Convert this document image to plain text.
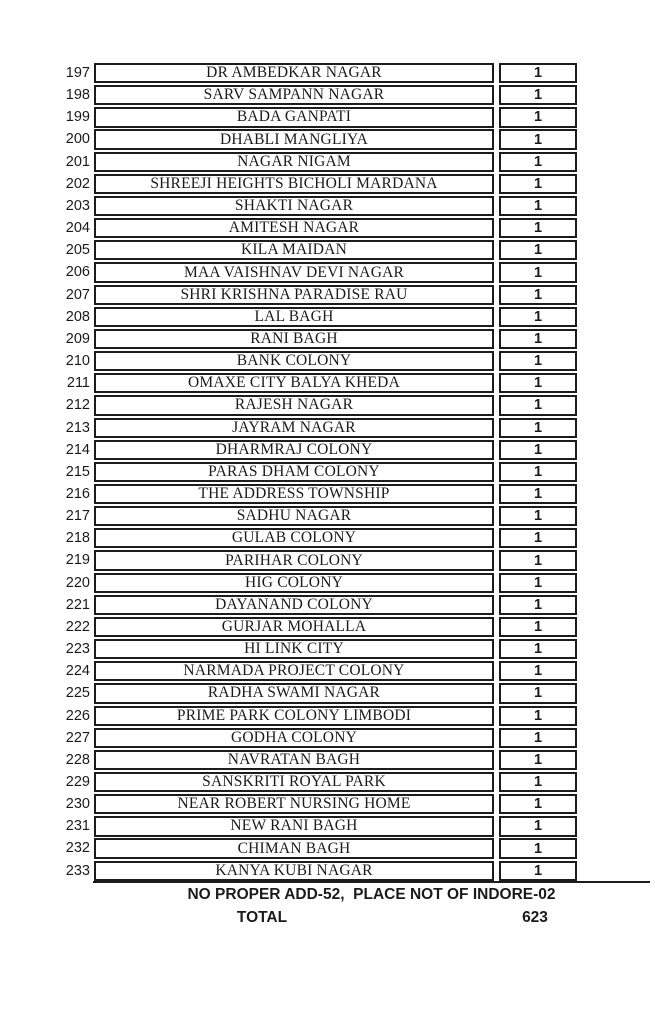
197	DR AMBEDKAR NAGAR	1
198	SARV SAMPANN NAGAR	1
199	BADA GANPATI	1
200	DHABLI MANGLIYA	1
201	NAGAR NIGAM	1
202	SHREEJI HEIGHTS BICHOLI MARDANA	1
203	SHAKTI NAGAR	1
204	AMITESH NAGAR	1
205	KILA MAIDAN	1
206	MAA VAISHNAV DEVI NAGAR	1
207	SHRI KRISHNA PARADISE RAU	1
208	LAL BAGH	1
209	RANI BAGH	1
210	BANK COLONY	1
211	OMAXE CITY BALYA KHEDA	1
212	RAJESH NAGAR	1
213	JAYRAM NAGAR	1
214	DHARMRAJ COLONY	1
215	PARAS DHAM COLONY	1
216	THE ADDRESS TOWNSHIP	1
217	SADHU NAGAR	1
218	GULAB COLONY	1
219	PARIHAR COLONY	1
220	HIG COLONY	1
221	DAYANAND COLONY	1
222	GURJAR MOHALLA	1
223	HI LINK CITY	1
224	NARMADA PROJECT COLONY	1
225	RADHA SWAMI NAGAR	1
226	PRIME PARK COLONY LIMBODI	1
227	GODHA COLONY	1
228	NAVRATAN BAGH	1
229	SANSKRITI ROYAL PARK	1
230	NEAR ROBERT NURSING HOME	1
231	NEW RANI BAGH	1
232	CHIMAN BAGH	1
233	KANYA KUBI NAGAR	1
NO PROPER ADD-52,  PLACE NOT OF INDORE-02
TOTAL	623
